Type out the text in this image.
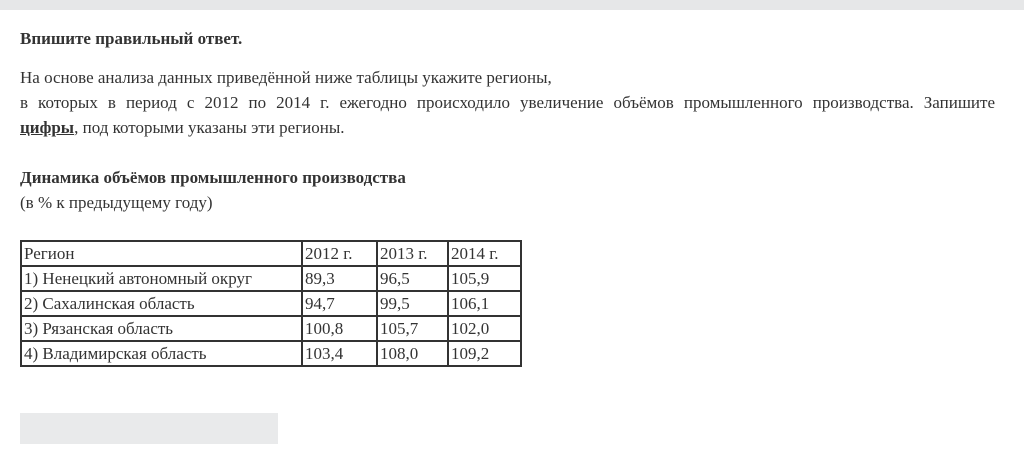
Впишите правильный ответ.

На основе анализа данных приведённой ниже таблицы укажите регионы,
в которых в период с 2012 по 2014 г. ежегодно происходило увеличение объёмов промышленного производства. Запишите
цифры, под которыми указаны эти регионы.

Динамика объёмов промышленного производства

(в % к предыдущему году)

Регион	2012 г.	2013 г.	2014 г.
1) Ненецкий автономный округ	89,3	96,5	105,9
2) Сахалинская область	94,7	99,5	106,1
3) Рязанская область	100,8	105,7	102,0
4) Владимирская область	103,4	108,0	109,2
